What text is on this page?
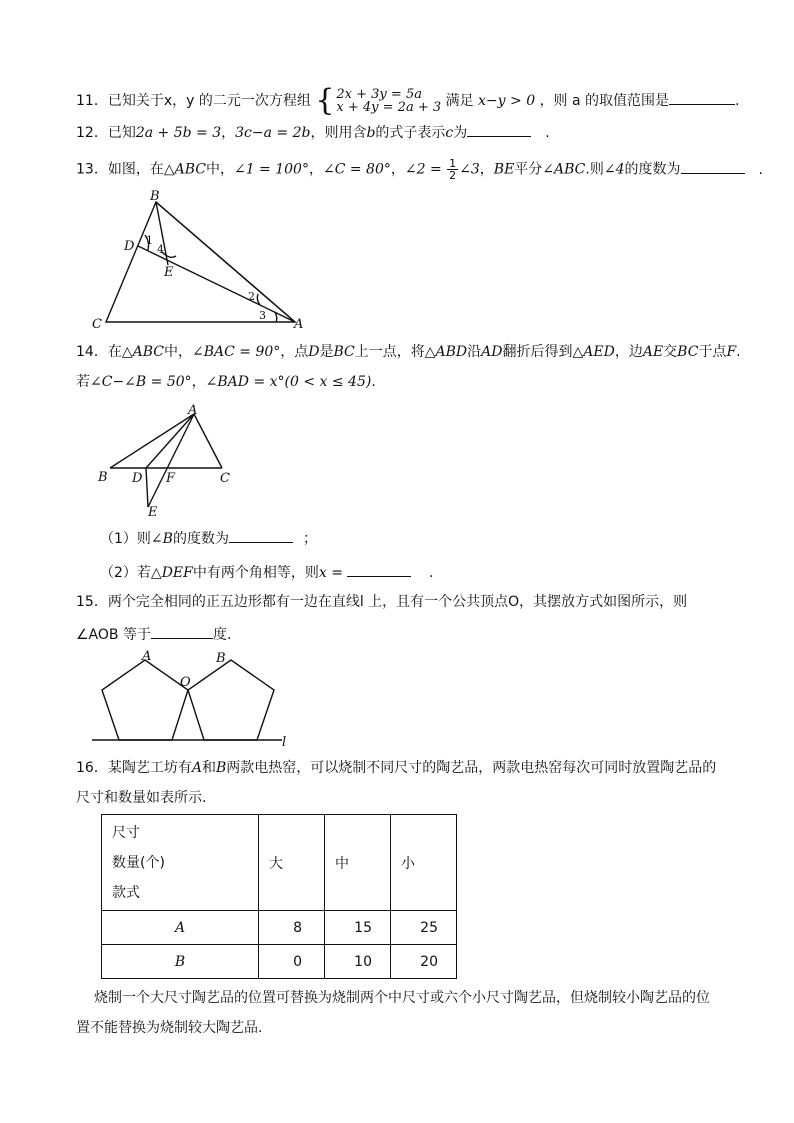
11．已知关于x，y 的二元一次方程组 { 2x + 3y = 5a
x + 4y = 2a + 3 满足 x−y > 0 ，则 a 的取值范围是	.
12．已知2a + 5b = 3，3c−a = 2b，则用含b的式子表示c为	.
13．如图，在△ABC中，∠1 = 100°，∠C = 80°，∠2 = $\frac{1}{2}$ ∠3，BE平分∠ABC.则∠4的度数为	.
B
D
C	A
E
1
4
2
3
14．在△ABC中，∠BAC = 90°，点D是BC上一点，将△ABD沿AD翻折后得到△AED，边AE交BC于点F.
若∠C−∠B = 50°，∠BAD = x°(0 < x ≤ 45).
A
B D F	C
E
（1）则∠B的度数为	；
（2）若△DEF中有两个角相等，则x =	.
15．两个完全相同的正五边形都有一边在直线l 上，且有一个公共顶点O，其摆放方式如图所示，则
∠AOB 等于	度.
A	B
O
l
16．某陶艺工坊有A和B两款电热窑，可以烧制不同尺寸的陶艺品，两款电热窑每次可同时放置陶艺品的
尺寸和数量如表所示.
尺寸
数量(个)
款式	大	中	小
A	8	15	25
B	0	10	20
烧制一个大尺寸陶艺品的位置可替换为烧制两个中尺寸或六个小尺寸陶艺品，但烧制较小陶艺品的位
置不能替换为烧制较大陶艺品.
